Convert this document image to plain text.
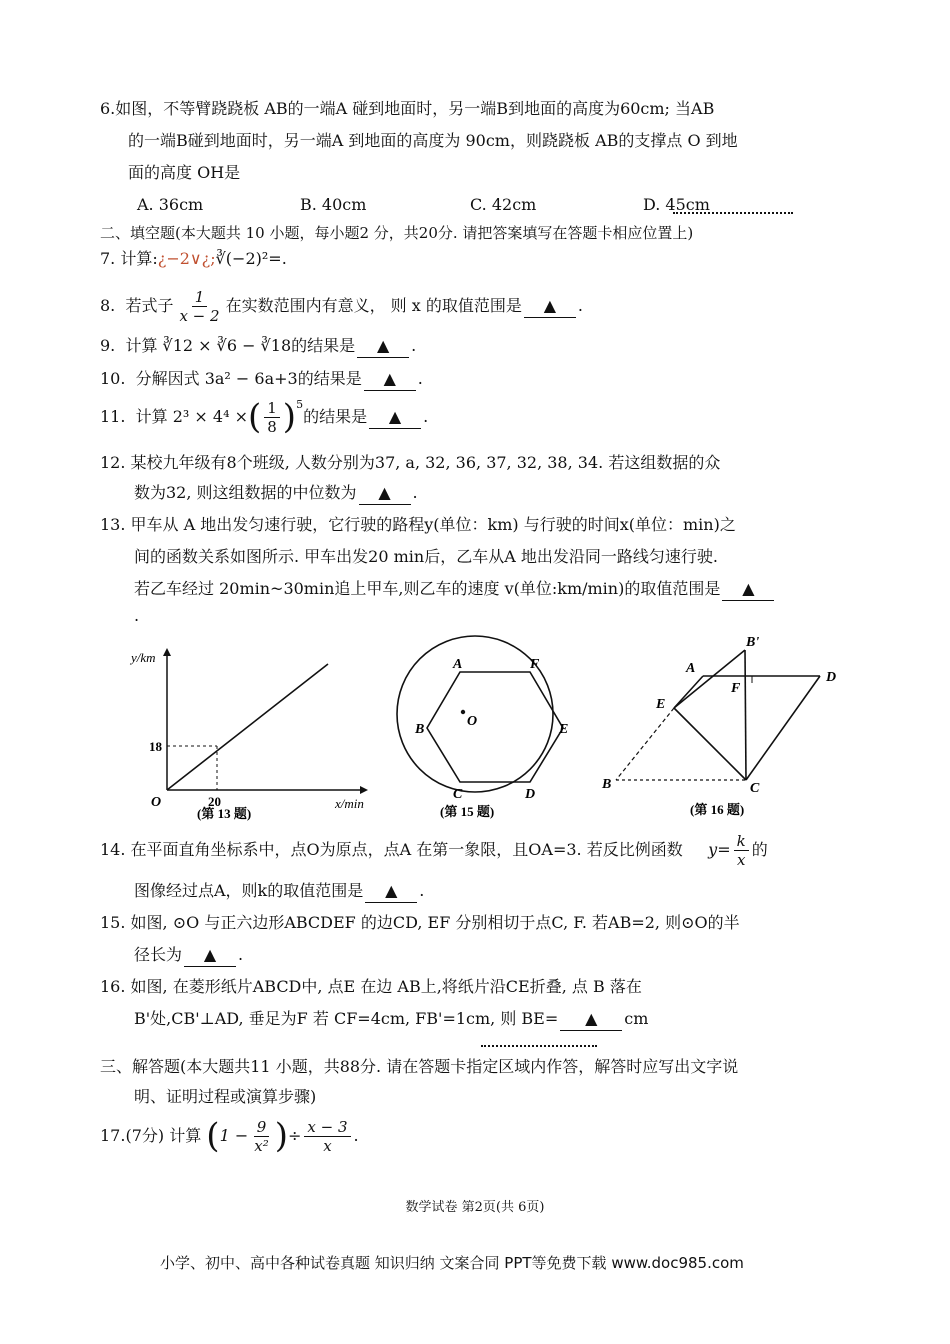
6.如图，不等臂跷跷板 AB的一端A 碰到地面时，另一端B到地面的高度为60cm; 当AB
的一端B碰到地面时，另一端A 到地面的高度为 90cm，则跷跷板 AB的支撑点 O 到地
面的高度 OH是
A. 36cm	B. 40cm	C. 42cm	D. 45cm
二、填空题(本大题共 10 小题，每小题2 分，共20分. 请把答案填写在答题卡相应位置上)
7. 计算:¿−2∨¿;∛(−2)²=.
8.
若式子 $\frac{1}{x - 2}$ 在实数范围内有意义， 则 x 的取值范围是	▲	.
9. 计算 ∛12 × ∛6 − ∛18的结果是 ▲ .
10. 分解因式 3a² − 6a+3的结果是 ▲ .
11.
计算 2³ × 4⁴ × ( $\frac{1}{8} )^5$
的结果是	▲	.
12. 某校九年级有8个班级, 人数分别为37, a, 32, 36, 37, 32, 38, 34. 若这组数据的众
数为32, 则这组数据的中位数为 ▲ .
13. 甲车从 A 地出发匀速行驶，它行驶的路程y(单位：km) 与行驶的时间x(单位：min)之
间的函数关系如图所示. 甲车出发20 min后，乙车从A 地出发沿同一路线匀速行驶.
若乙车经过 20min~30min追上甲车,则乙车的速度 v(单位:km/min)的取值范围是 ▲
.
y/km
x/min
O
18
20
(第 13 题)
A	F
B
O
E
C	D
(第 15 题)
B'
A
F
D
E
B	C
(第 16 题)
14. 在平面直角坐标系中，点O为原点，点A 在第一象限，且OA=3. 若反比例函数
$y= \frac{k}{x}$ 的
图像经过点A，则k的取值范围是 ▲ .
15. 如图, ⊙O 与正六边形ABCDEF 的边CD, EF 分别相切于点C, F. 若AB=2, 则⊙O的半
径长为 ▲ .
16. 如图, 在菱形纸片ABCD中, 点E 在边 AB上,将纸片沿CE折叠, 点 B 落在
B'处,CB'⊥AD, 垂足为F 若 CF=4cm, FB'=1cm, 则 BE= ▲ cm
三、解答题(本大题共11 小题，共88分. 请在答题卡指定区域内作答，解答时应写出文字说
明、证明过程或演算步骤)
17.(7分) 计算
( $1 - \frac{9}{\text{x²}}$ ) ÷ $\frac{x - 3}{x}$ .
数学试卷 第2页(共 6页)
小学、初中、高中各种试卷真题 知识归纳 文案合同 PPT等免费下载 www.doc985.com
